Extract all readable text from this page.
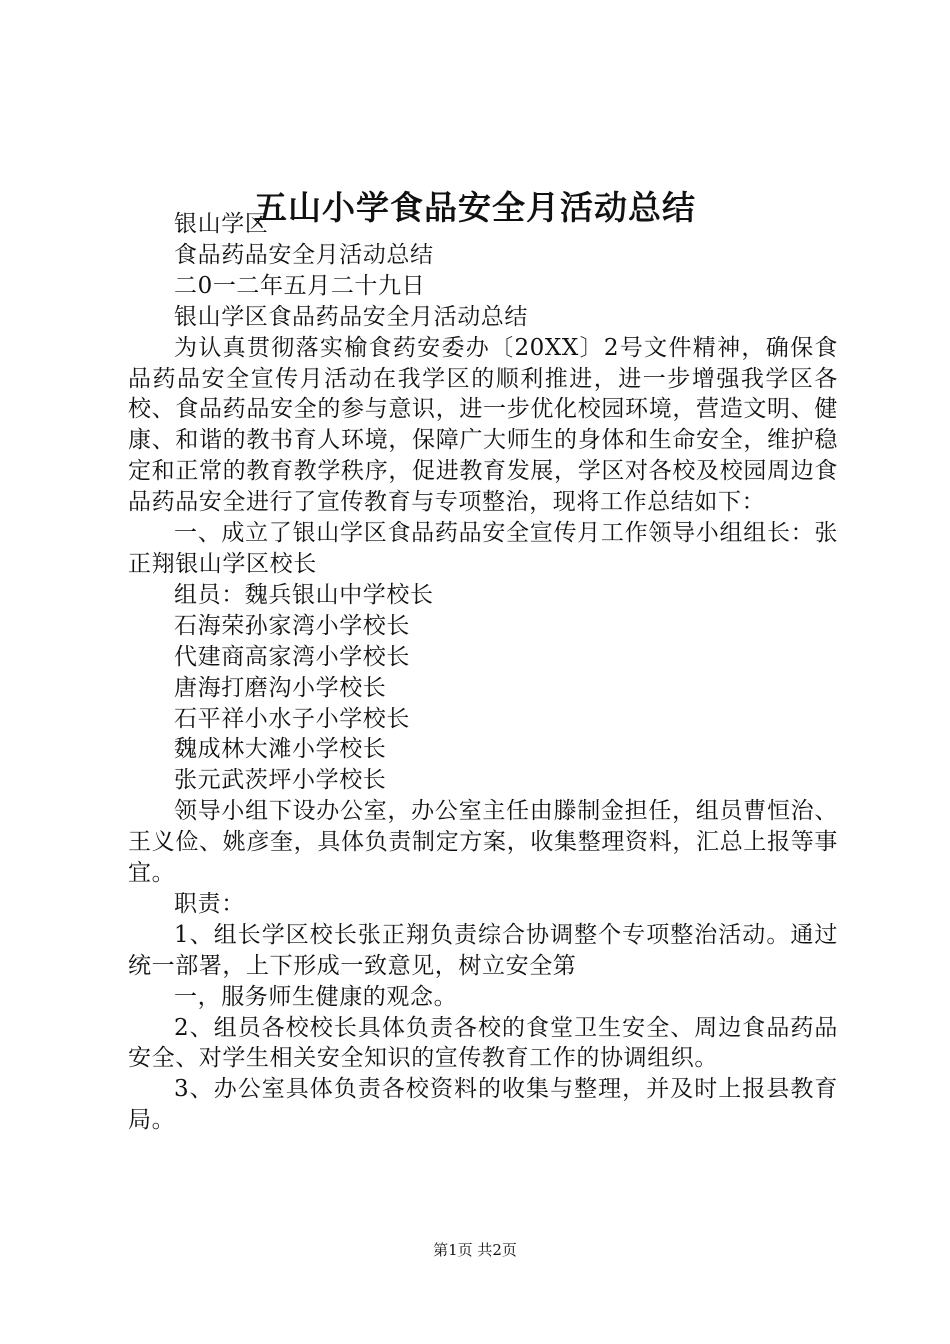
五山小学食品安全月活动总结

银山学区

食品药品安全月活动总结

二0一二年五月二十九日

银山学区食品药品安全月活动总结

为认真贯彻落实榆食药安委办〔20XX〕2号文件精神，确保食品药品安全宣传月活动在我学区的顺利推进，进一步增强我学区各校、食品药品安全的参与意识，进一步优化校园环境，营造文明、健康、和谐的教书育人环境，保障广大师生的身体和生命安全，维护稳定和正常的教育教学秩序，促进教育发展，学区对各校及校园周边食品药品安全进行了宣传教育与专项整治，现将工作总结如下：

一、成立了银山学区食品药品安全宣传月工作领导小组组长：张正翔银山学区校长

组员：魏兵银山中学校长

石海荣孙家湾小学校长

代建商高家湾小学校长

唐海打磨沟小学校长

石平祥小水子小学校长

魏成林大滩小学校长

张元武茨坪小学校长

领导小组下设办公室，办公室主任由滕制金担任，组员曹恒治、王义俭、姚彦奎，具体负责制定方案，收集整理资料，汇总上报等事宜。

职责：

1、组长学区校长张正翔负责综合协调整个专项整治活动。通过统一部署，上下形成一致意见，树立安全第

一，服务师生健康的观念。

2、组员各校校长具体负责各校的食堂卫生安全、周边食品药品安全、对学生相关安全知识的宣传教育工作的协调组织。

3、办公室具体负责各校资料的收集与整理，并及时上报县教育局。

第1页 共2页
